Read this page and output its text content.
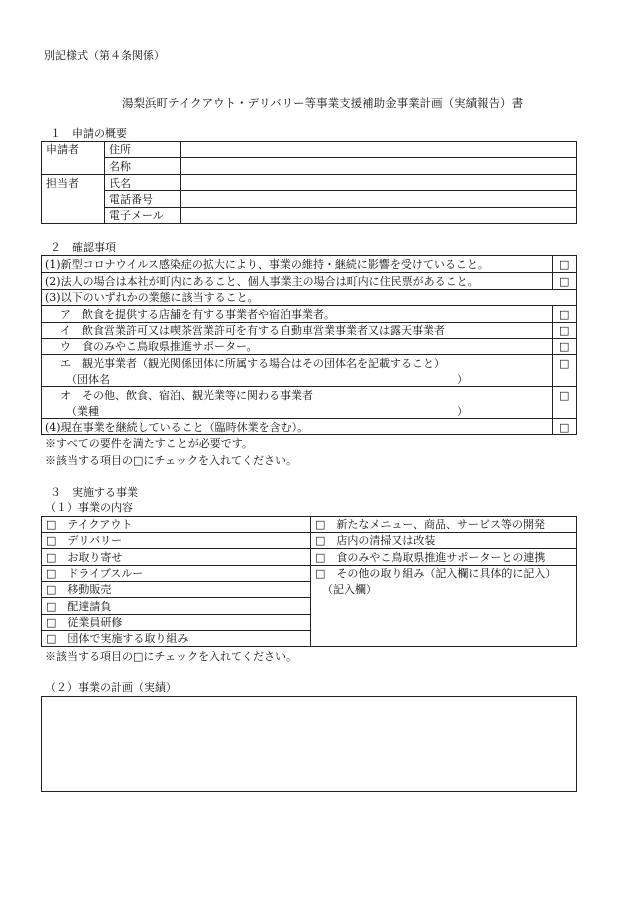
別記様式（第４条関係）
湯梨浜町テイクアウト・デリバリー等事業支援補助金事業計画（実績報告）書
１　申請の概要
申請者
担当者
住所
名称
氏名
電話番号
電子メール
２　確認事項
(1)新型コロナウイルス感染症の拡大により、事業の維持・継続に影響を受けていること。
(2)法人の場合は本社が町内にあること、個人事業主の場合は町内に住民票があること。
(3)以下のいずれかの業態に該当すること。
ア　飲食を提供する店舗を有する事業者や宿泊事業者。
イ　飲食営業許可又は喫茶営業許可を有する自動車営業事業者又は露天事業者
ウ　食のみやこ鳥取県推進サポーター。
エ　観光事業者（観光関係団体に所属する場合はその団体名を記載すること）
（団体名	）
オ　その他、飲食、宿泊、観光業等に関わる事業者
（業種	）
(4)現在事業を継続していること（臨時休業を含む）。
□
□
□
□
□
□
□
□
※すべての要件を満たすことが必要です。
※該当する項目の□にチェックを入れてください。
３　実施する事業
（１）事業の内容
□　テイクアウト
□　デリバリー
□　お取り寄せ
□　ドライブスルー
□　移動販売
□　配達請負
□　従業員研修
□　団体で実施する取り組み
□　新たなメニュー、商品、サービス等の開発
□　店内の清掃又は改装
□　食のみやこ鳥取県推進サポーターとの連携
□　その他の取り組み（記入欄に具体的に記入）
（記入欄）
※該当する項目の□にチェックを入れてください。
（２）事業の計画（実績）
